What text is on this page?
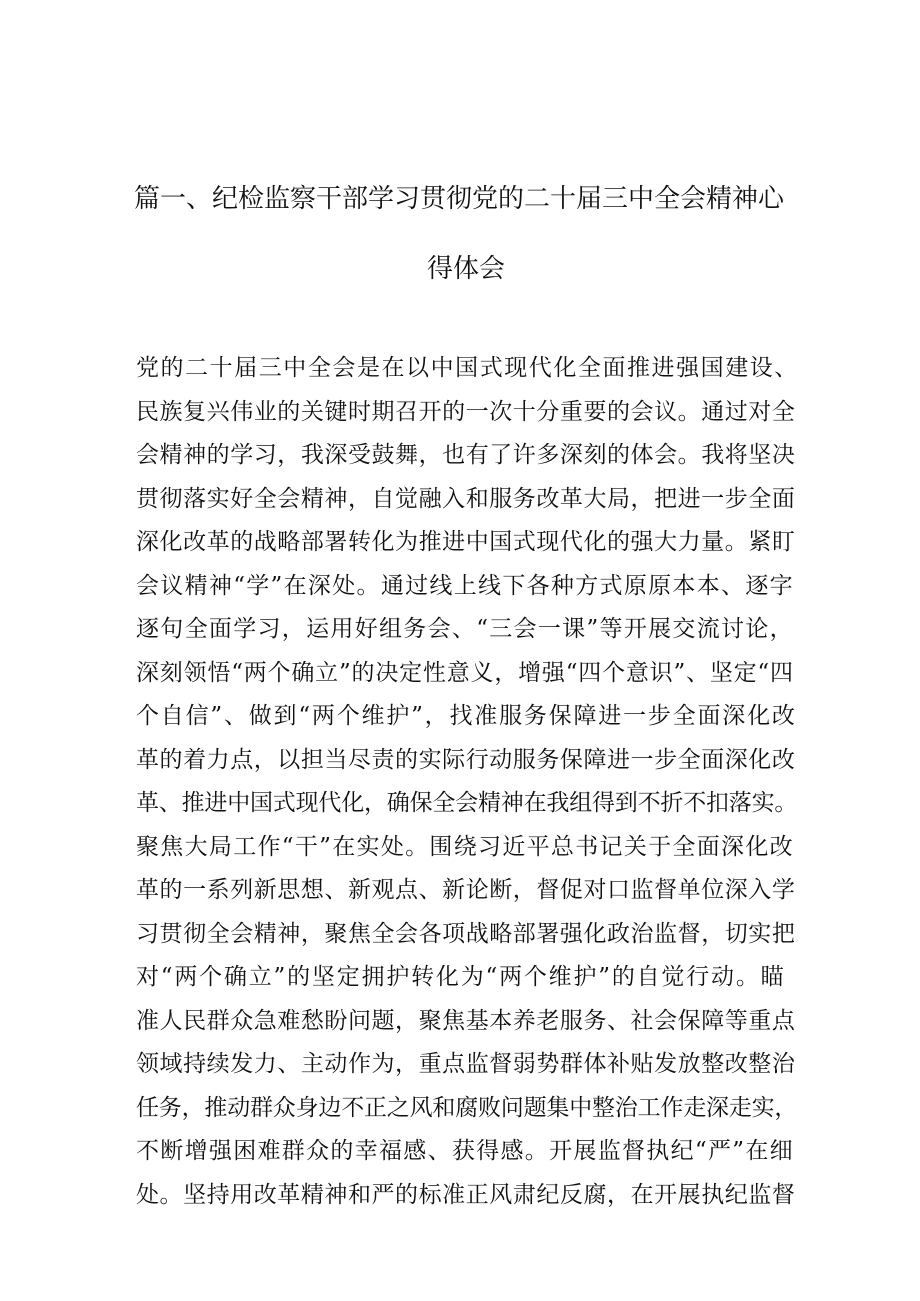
篇一、纪检监察干部学习贯彻党的二十届三中全会精神心
得体会
党的二十届三中全会是在以中国式现代化全面推进强国建设、
民族复兴伟业的关键时期召开的一次十分重要的会议。通过对全
会精神的学习，我深受鼓舞，也有了许多深刻的体会。我将坚决
贯彻落实好全会精神，自觉融入和服务改革大局，把进一步全面
深化改革的战略部署转化为推进中国式现代化的强大力量。紧盯
会议精神“学”在深处。通过线上线下各种方式原原本本、逐字
逐句全面学习，运用好组务会、“三会一课”等开展交流讨论，
深刻领悟“两个确立”的决定性意义，增强“四个意识”、坚定“四
个自信”、做到“两个维护”，找准服务保障进一步全面深化改
革的着力点，以担当尽责的实际行动服务保障进一步全面深化改
革、推进中国式现代化，确保全会精神在我组得到不折不扣落实。
聚焦大局工作“干”在实处。围绕习近平总书记关于全面深化改
革的一系列新思想、新观点、新论断，督促对口监督单位深入学
习贯彻全会精神，聚焦全会各项战略部署强化政治监督，切实把
对“两个确立”的坚定拥护转化为“两个维护”的自觉行动。瞄
准人民群众急难愁盼问题，聚焦基本养老服务、社会保障等重点
领域持续发力、主动作为，重点监督弱势群体补贴发放整改整治
任务，推动群众身边不正之风和腐败问题集中整治工作走深走实，
不断增强困难群众的幸福感、获得感。开展监督执纪“严”在细
处。坚持用改革精神和严的标准正风肃纪反腐，在开展执纪监督
